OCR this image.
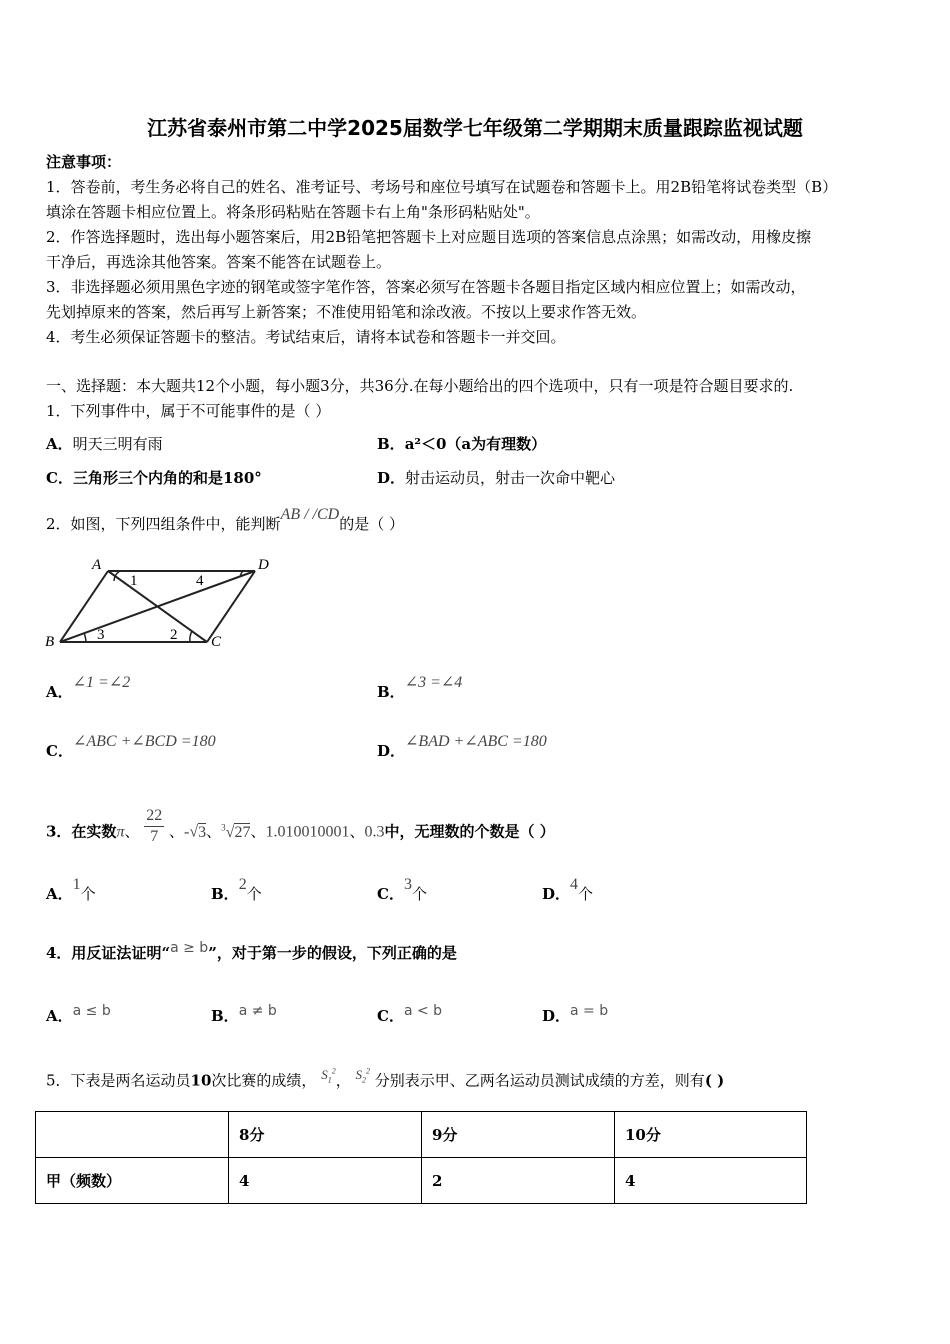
江苏省泰州市第二中学2025届数学七年级第二学期期末质量跟踪监视试题
注意事项：
1．答卷前，考生务必将自己的姓名、准考证号、考场号和座位号填写在试题卷和答题卡上。用2B铅笔将试卷类型（B）
填涂在答题卡相应位置上。将条形码粘贴在答题卡右上角"条形码粘贴处"。
2．作答选择题时，选出每小题答案后，用2B铅笔把答题卡上对应题目选项的答案信息点涂黑；如需改动，用橡皮擦
干净后，再选涂其他答案。答案不能答在试题卷上。
3．非选择题必须用黑色字迹的钢笔或签字笔作答，答案必须写在答题卡各题目指定区域内相应位置上；如需改动，
先划掉原来的答案，然后再写上新答案；不准使用铅笔和涂改液。不按以上要求作答无效。
4．考生必须保证答题卡的整洁。考试结束后，请将本试卷和答题卡一并交回。
一、选择题：本大题共12个小题，每小题3分，共36分.在每小题给出的四个选项中，只有一项是符合题目要求的.
1．下列事件中，属于不可能事件的是（ ）
A．明天三明有雨	B．a²＜0（a为有理数）
C．三角形三个内角的和是180°	D．射击运动员，射击一次命中靶心
2．如图，下列四组条件中，能判断AB / /CD的是（ ）
A	D
B	C
1	4
3	2
A．∠1 =∠2
B．∠3 =∠4
C．∠ABC +∠BCD =180
D．∠BAD +∠ABC =180
3．在实数π、 $\frac{22}{7}$ 、-√3、$^3$√27、1.010010001、0.3中，无理数的个数是（ ）
A．1个	B．2个	C．3个	D．4个
4．用反证法证明“a ≥ b”，对于第一步的假设，下列正确的是
A．a ≤ b	B．a ≠ b	C．a < b	D．a = b
5．下表是两名运动员10次比赛的成绩， $S_1^2$， $S_2^2$ 分别表示甲、乙两名运动员测试成绩的方差，则有( )
	8分	9分	10分
甲（频数）	4	2	4
